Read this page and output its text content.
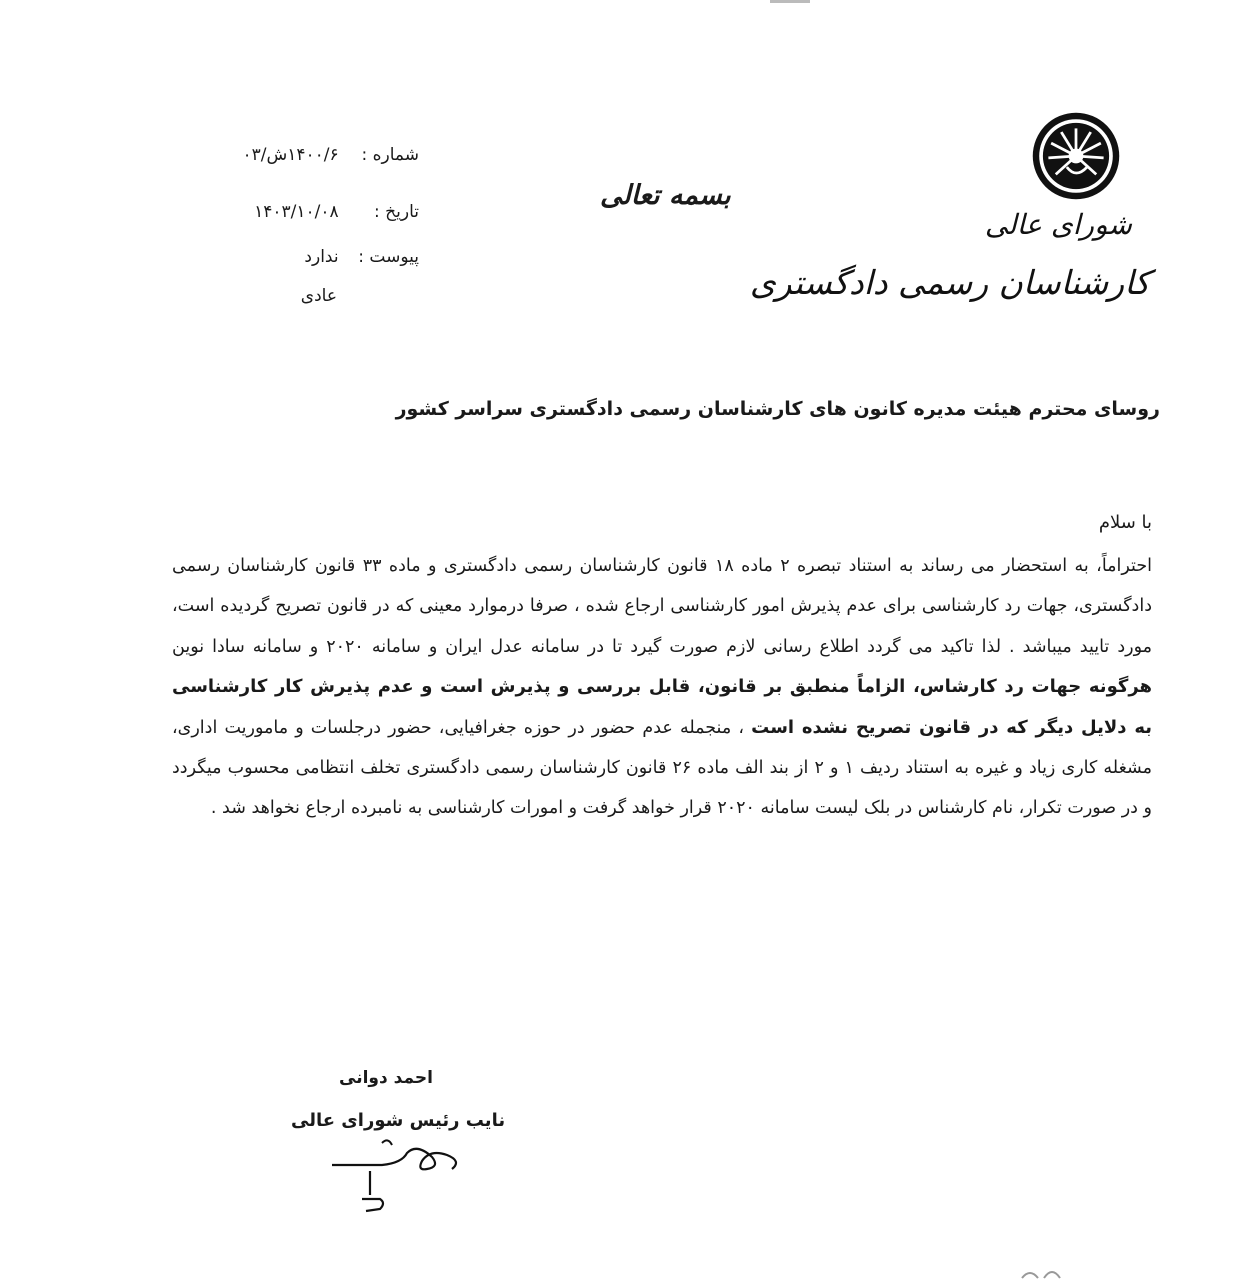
شورای عالی
کارشناسان رسمی دادگستری
بسمه تعالی
شماره : ۱۴۰۰/۶ش/۰۳
تاریخ : ۱۴۰۳/۱۰/۰۸
پیوست : ندارد
عادی
روسای محترم هیئت مدیره کانون های کارشناسان رسمی دادگستری سراسر کشور
با سلام
احتراماً، به استحضار می رساند به استناد تبصره ۲ ماده ۱۸ قانون کارشناسان رسمی دادگستری و ماده ۳۳ قانون کارشناسان رسمی دادگستری، جهات رد کارشناسی برای عدم پذیرش امور کارشناسی ارجاع شده ، صرفا درموارد معینی که در قانون تصریح گردیده است، مورد تایید میباشد . لذا تاکید می گردد اطلاع رسانی لازم صورت گیرد تا در سامانه عدل ایران و سامانه ۲۰۲۰ و سامانه سادا نوین هرگونه جهات رد کارشاس، الزاماً منطبق بر قانون، قابل بررسی و پذیرش است و عدم پذیرش کار کارشناسی به دلایل دیگر که در قانون تصریح نشده است ، منجمله عدم حضور در حوزه جغرافیایی، حضور درجلسات و ماموریت اداری، مشغله کاری زیاد و غیره به استناد ردیف ۱ و ۲ از بند الف ماده ۲۶ قانون کارشناسان رسمی دادگستری تخلف انتظامی محسوب میگردد و در صورت تکرار، نام کارشناس در بلک لیست سامانه ۲۰۲۰ قرار خواهد گرفت و امورات کارشناسی به نامبرده ارجاع نخواهد شد .
احمد دوانی
نایب رئیس شورای عالی
